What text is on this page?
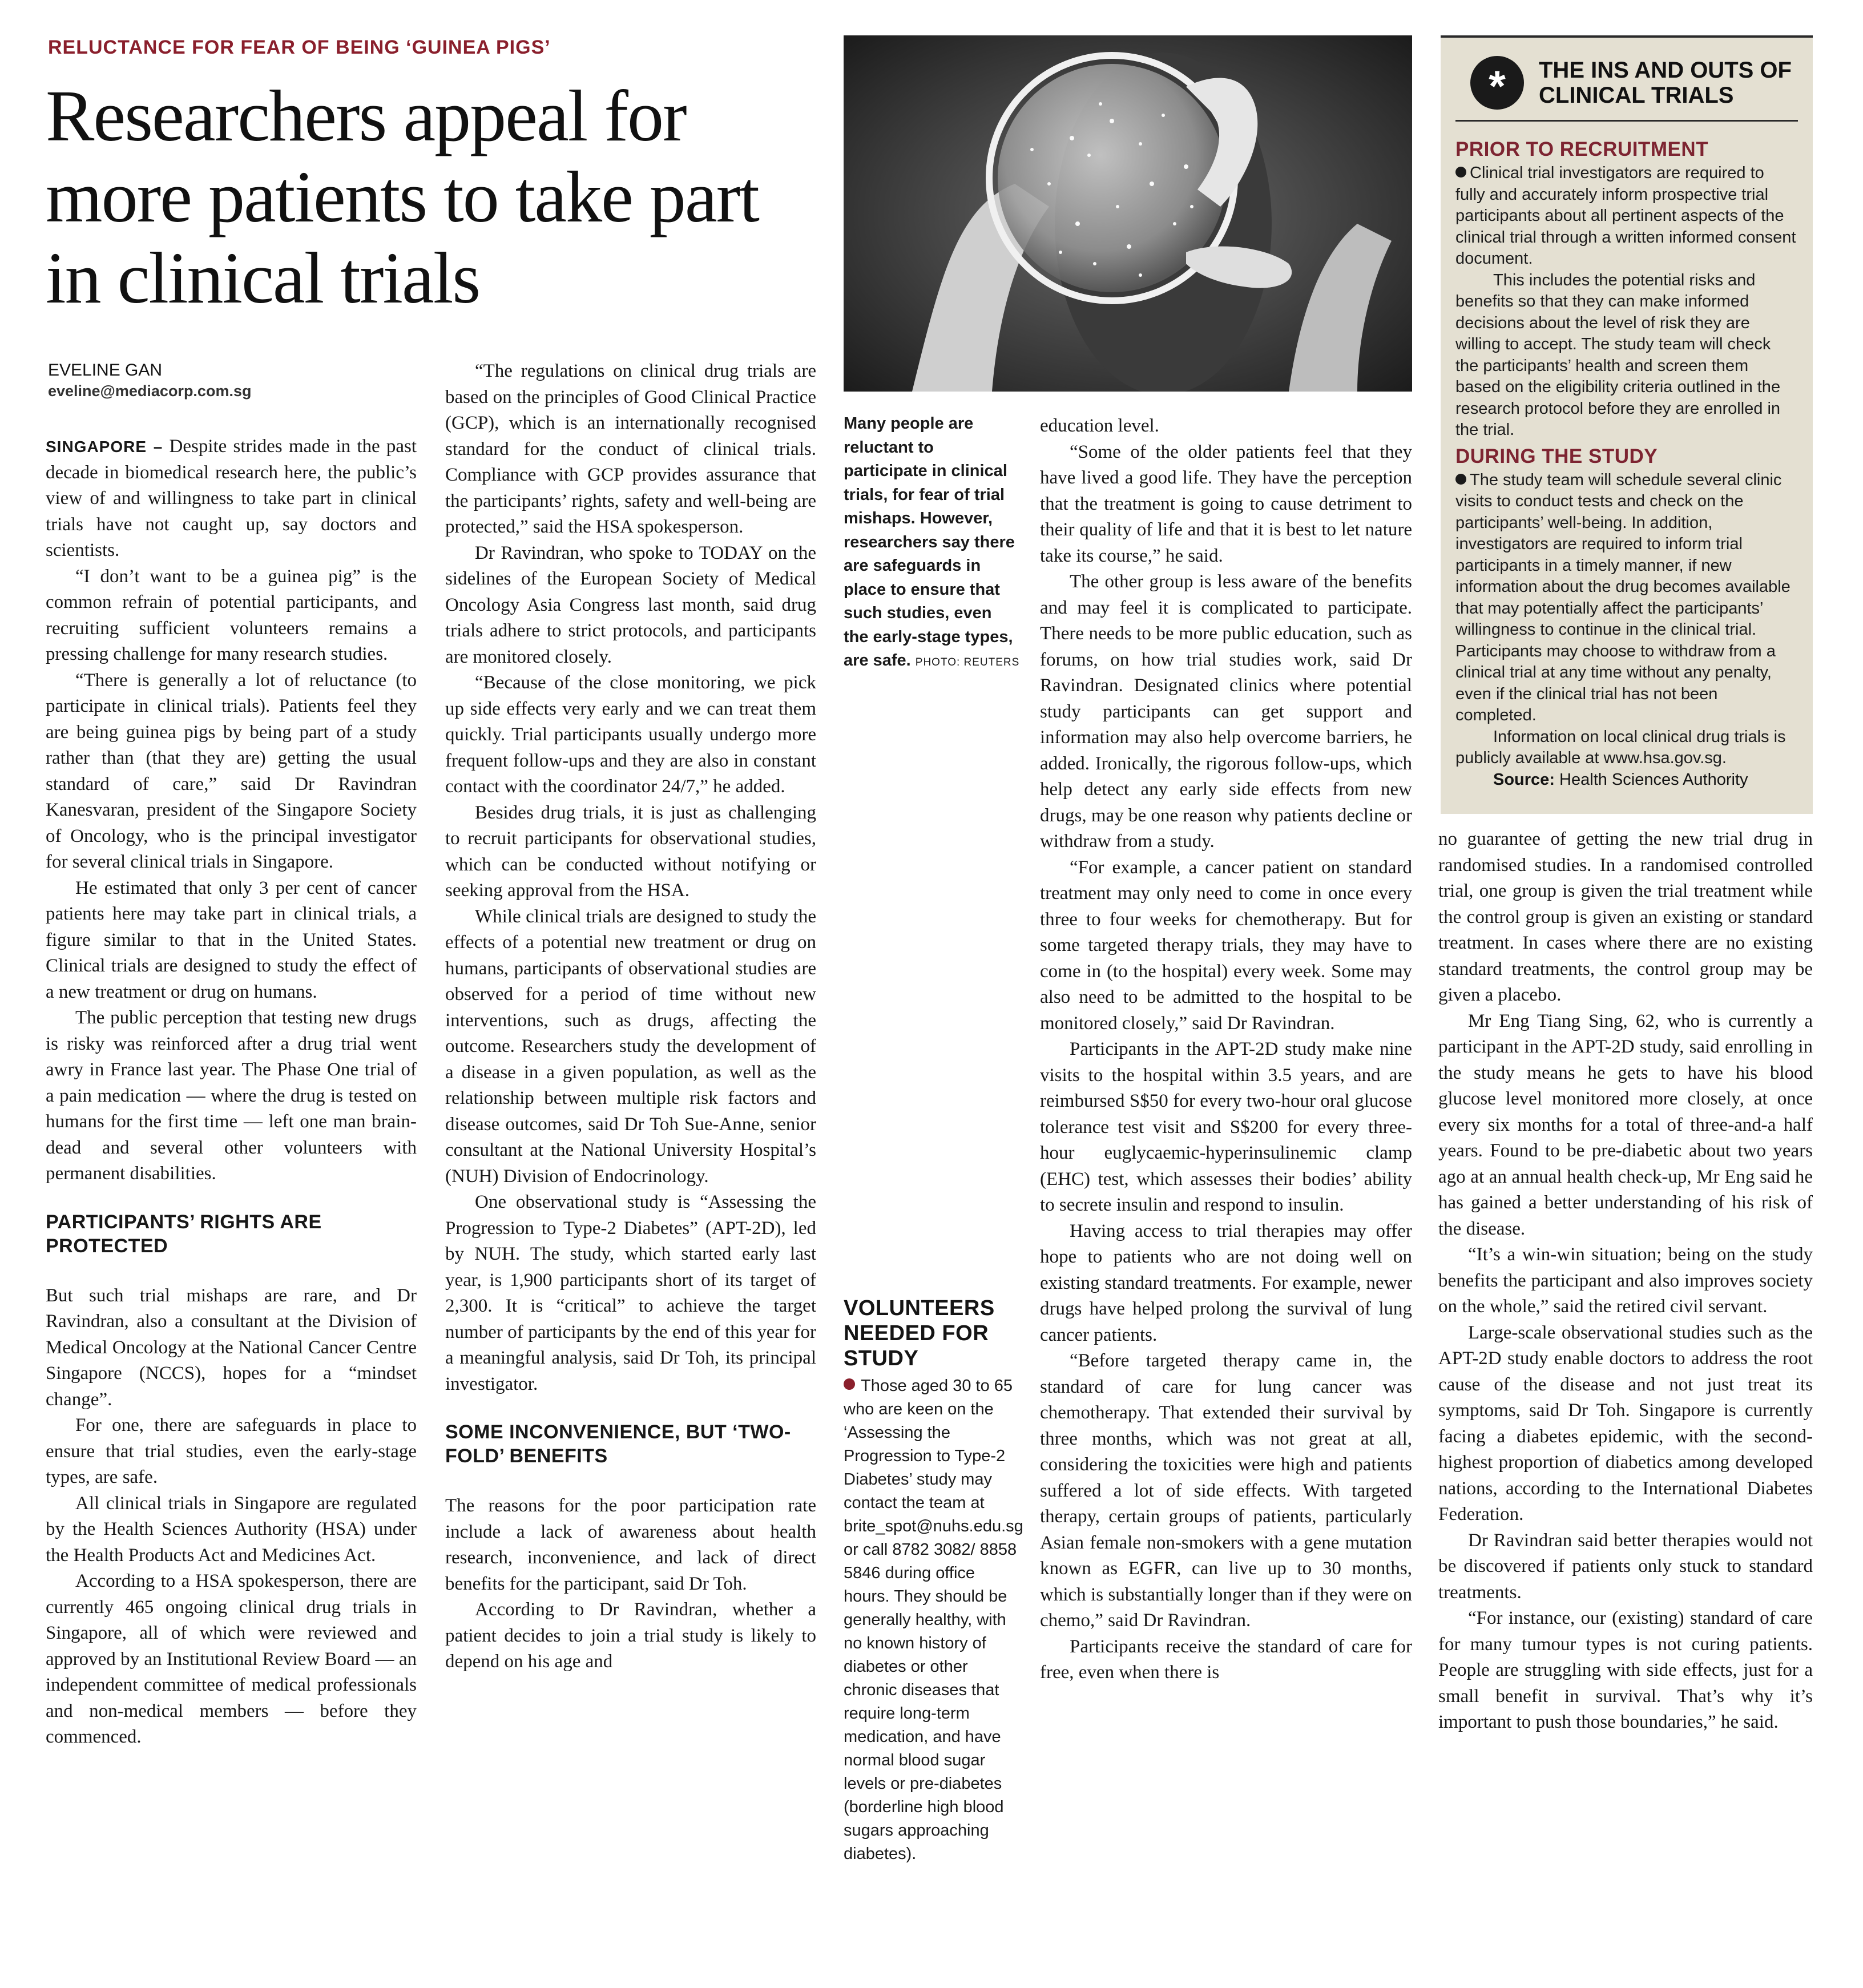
RELUCTANCE FOR FEAR OF BEING ‘GUINEA PIGS’
Researchers appeal for more patients to take part in clinical trials
EVELINE GAN
eveline@mediacorp.com.sg

SINGAPORE – Despite strides made in the past decade in biomedical research here, the public’s view of and willingness to take part in clinical trials have not caught up, say doctors and scientists.

“I don’t want to be a guinea pig” is the common refrain of potential participants, and recruiting sufficient volunteers remains a pressing challenge for many research studies.

“There is generally a lot of reluctance (to participate in clinical trials). Patients feel they are being guinea pigs by being part of a study rather than (that they are) getting the usual standard of care,” said Dr Ravindran Kanesvaran, president of the Singapore Society of Oncology, who is the principal investigator for several clinical trials in Singapore.

He estimated that only 3 per cent of cancer patients here may take part in clinical trials, a figure similar to that in the United States. Clinical trials are designed to study the effect of a new treatment or drug on humans.

The public perception that testing new drugs is risky was reinforced after a drug trial went awry in France last year. The Phase One trial of a pain medication — where the drug is tested on humans for the first time — left one man brain-dead and several other volunteers with permanent disabilities.

PARTICIPANTS’ RIGHTS ARE PROTECTED

But such trial mishaps are rare, and Dr Ravindran, also a consultant at the Division of Medical Oncology at the National Cancer Centre Singapore (NCCS), hopes for a “mindset change”.

For one, there are safeguards in place to ensure that trial studies, even the early-stage types, are safe.

All clinical trials in Singapore are regulated by the Health Sciences Authority (HSA) under the Health Products Act and Medicines Act.

According to a HSA spokesperson, there are currently 465 ongoing clinical drug trials in Singapore, all of which were reviewed and approved by an Institutional Review Board — an independent committee of medical professionals and non-medical members — before they commenced.

“The regulations on clinical drug trials are based on the principles of Good Clinical Practice (GCP), which is an internationally recognised standard for the conduct of clinical trials. Compliance with GCP provides assurance that the participants’ rights, safety and well-being are protected,” said the HSA spokesperson.

Dr Ravindran, who spoke to TODAY on the sidelines of the European Society of Medical Oncology Asia Congress last month, said drug trials adhere to strict protocols, and participants are monitored closely.

“Because of the close monitoring, we pick up side effects very early and we can treat them quickly. Trial participants usually undergo more frequent follow-ups and they are also in constant contact with the coordinator 24/7,” he added.

Besides drug trials, it is just as challenging to recruit participants for observational studies, which can be conducted without notifying or seeking approval from the HSA.

While clinical trials are designed to study the effects of a potential new treatment or drug on humans, participants of observational studies are observed for a period of time without new interventions, such as drugs, affecting the outcome. Researchers study the development of a disease in a given population, as well as the relationship between multiple risk factors and disease outcomes, said Dr Toh Sue-Anne, senior consultant at the National University Hospital’s (NUH) Division of Endocrinology.

One observational study is “Assessing the Progression to Type-2 Diabetes” (APT-2D), led by NUH. The study, which started early last year, is 1,900 participants short of its target of 2,300. It is “critical” to achieve the target number of participants by the end of this year for a meaningful analysis, said Dr Toh, its principal investigator.

SOME INCONVENIENCE, BUT ‘TWO-FOLD’ BENEFITS

The reasons for the poor participation rate include a lack of awareness about health research, inconvenience, and lack of direct benefits for the participant, said Dr Toh.

According to Dr Ravindran, whether a patient decides to join a trial study is likely to depend on his age and

Many people are reluctant to participate in clinical trials, for fear of trial mishaps. However, researchers say there are safeguards in place to ensure that such studies, even the early-stage types, are safe. PHOTO: REUTERS

VOLUNTEERS NEEDED FOR STUDY

Those aged 30 to 65 who are keen on the ‘Assessing the Progression to Type-2 Diabetes’ study may contact the team at brite_spot@nuhs.edu.sg or call 8782 3082/ 8858 5846 during office hours. They should be generally healthy, with no known history of diabetes or other chronic diseases that require long-term medication, and have normal blood sugar levels or pre-diabetes (borderline high blood sugars approaching diabetes).

education level.

“Some of the older patients feel that they have lived a good life. They have the perception that the treatment is going to cause detriment to their quality of life and that it is best to let nature take its course,” he said.

The other group is less aware of the benefits and may feel it is complicated to participate. There needs to be more public education, such as forums, on how trial studies work, said Dr Ravindran. Designated clinics where potential study participants can get support and information may also help overcome barriers, he added. Ironically, the rigorous follow-ups, which help detect any early side effects from new drugs, may be one reason why patients decline or withdraw from a study.

“For example, a cancer patient on standard treatment may only need to come in once every three to four weeks for chemotherapy. But for some targeted therapy trials, they may have to come in (to the hospital) every week. Some may also need to be admitted to the hospital to be monitored closely,” said Dr Ravindran.

Participants in the APT-2D study make nine visits to the hospital within 3.5 years, and are reimbursed S$50 for every two-hour oral glucose tolerance test visit and S$200 for every three-hour euglycaemic-hyperinsulinemic clamp (EHC) test, which assesses their bodies’ ability to secrete insulin and respond to insulin.

Having access to trial therapies may offer hope to patients who are not doing well on existing standard treatments. For example, newer drugs have helped prolong the survival of lung cancer patients.

“Before targeted therapy came in, the standard of care for lung cancer was chemotherapy. That extended their survival by three months, which was not great at all, considering the toxicities were high and patients suffered a lot of side effects. With targeted therapy, certain groups of patients, particularly Asian female non-smokers with a gene mutation known as EGFR, can live up to 30 months, which is substantially longer than if they were on chemo,” said Dr Ravindran.

Participants receive the standard of care for free, even when there is

*	THE INS AND OUTS OF CLINICAL TRIALS
PRIOR TO RECRUITMENT

Clinical trial investigators are required to fully and accurately inform prospective trial participants about all pertinent aspects of the clinical trial through a written informed consent document.

This includes the potential risks and benefits so that they can make informed decisions about the level of risk they are willing to accept. The study team will check the participants’ health and screen them based on the eligibility criteria outlined in the research protocol before they are enrolled in the trial.

DURING THE STUDY

The study team will schedule several clinic visits to conduct tests and check on the participants’ well-being. In addition, investigators are required to inform trial participants in a timely manner, if new information about the drug becomes available that may potentially affect the participants’ willingness to continue in the clinical trial. Participants may choose to withdraw from a clinical trial at any time without any penalty, even if the clinical trial has not been completed.

Information on local clinical drug trials is publicly available at www.hsa.gov.sg.

Source: Health Sciences Authority

no guarantee of getting the new trial drug in randomised studies. In a randomised controlled trial, one group is given the trial treatment while the control group is given an existing or standard treatment. In cases where there are no existing standard treatments, the control group may be given a placebo.

Mr Eng Tiang Sing, 62, who is currently a participant in the APT-2D study, said enrolling in the study means he gets to have his blood glucose level monitored more closely, at once every six months for a total of three-and-a half years. Found to be pre-diabetic about two years ago at an annual health check-up, Mr Eng said he has gained a better understanding of his risk of the disease.

“It’s a win-win situation; being on the study benefits the participant and also improves society on the whole,” said the retired civil servant.

Large-scale observational studies such as the APT-2D study enable doctors to address the root cause of the disease and not just treat its symptoms, said Dr Toh. Singapore is currently facing a diabetes epidemic, with the second-highest proportion of diabetics among developed nations, according to the International Diabetes Federation.

Dr Ravindran said better therapies would not be discovered if patients only stuck to standard treatments.

“For instance, our (existing) standard of care for many tumour types is not curing patients. People are struggling with side effects, just for a small benefit in survival. That’s why it’s important to push those boundaries,” he said.
